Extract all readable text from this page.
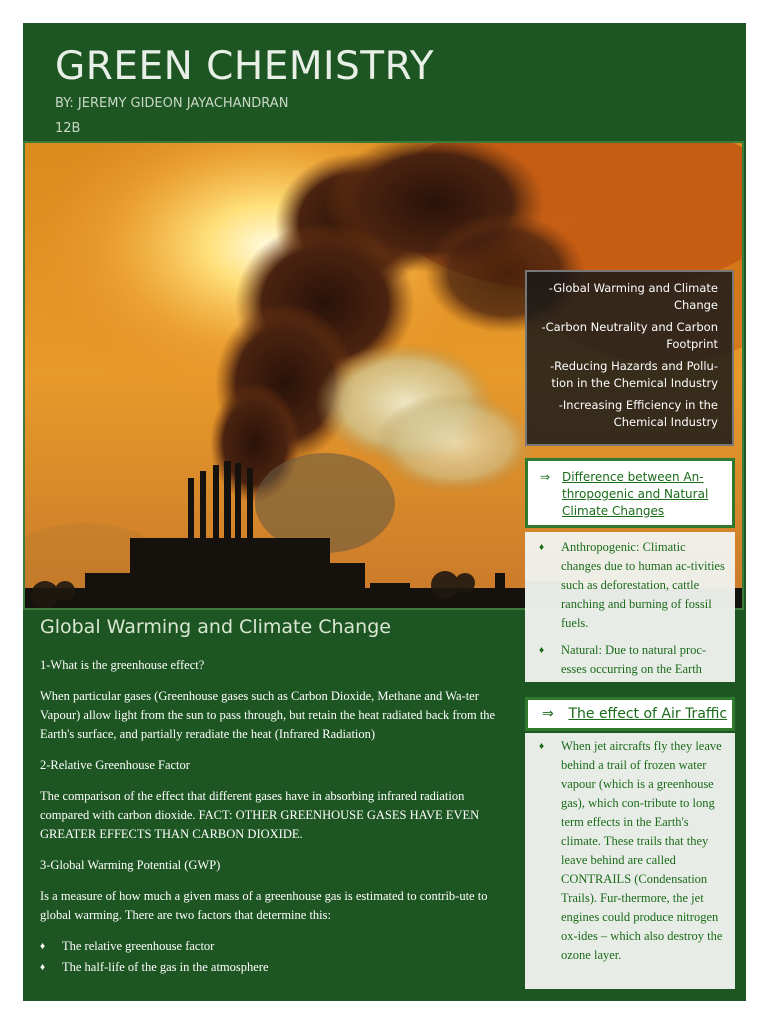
GREEN CHEMISTRY
BY: JEREMY GIDEON JAYACHANDRAN
12B

-Global Warming and Climate Change

-Carbon Neutrality and Carbon Footprint

-Reducing Hazards and Pollu-tion in the Chemical Industry

-Increasing Efficiency in the Chemical Industry

⇒ Difference between An-thropogenic and Natural Climate Changes
♦ Anthropogenic: Climatic changes due to human ac-tivities such as deforestation, cattle ranching and burning of fossil fuels.
♦ Natural: Due to natural proc-esses occurring on the Earth
⇒ The effect of Air Traffic
♦ When jet aircrafts fly they leave behind a trail of frozen water vapour (which is a greenhouse gas), which con-tribute to long term effects in the Earth's climate. These trails that they leave behind are called CONTRAILS (Condensation Trails). Fur-thermore, the jet engines could produce nitrogen ox-ides – which also destroy the ozone layer.
Global Warming and Climate Change

1-What is the greenhouse effect?

When particular gases (Greenhouse gases such as Carbon Dioxide, Methane and Wa-ter Vapour) allow light from the sun to pass through, but retain the heat radiated back from the Earth's surface, and partially reradiate the heat (Infrared Radiation)

2-Relative Greenhouse Factor

The comparison of the effect that different gases have in absorbing infrared radiation compared with carbon dioxide. FACT: OTHER GREENHOUSE GASES HAVE EVEN GREATER EFFECTS THAN CARBON DIOXIDE.

3-Global Warming Potential (GWP)

Is a measure of how much a given mass of a greenhouse gas is estimated to contrib-ute to global warming. There are two factors that determine this:

♦ The relative greenhouse factor
♦ The half-life of the gas in the atmosphere
